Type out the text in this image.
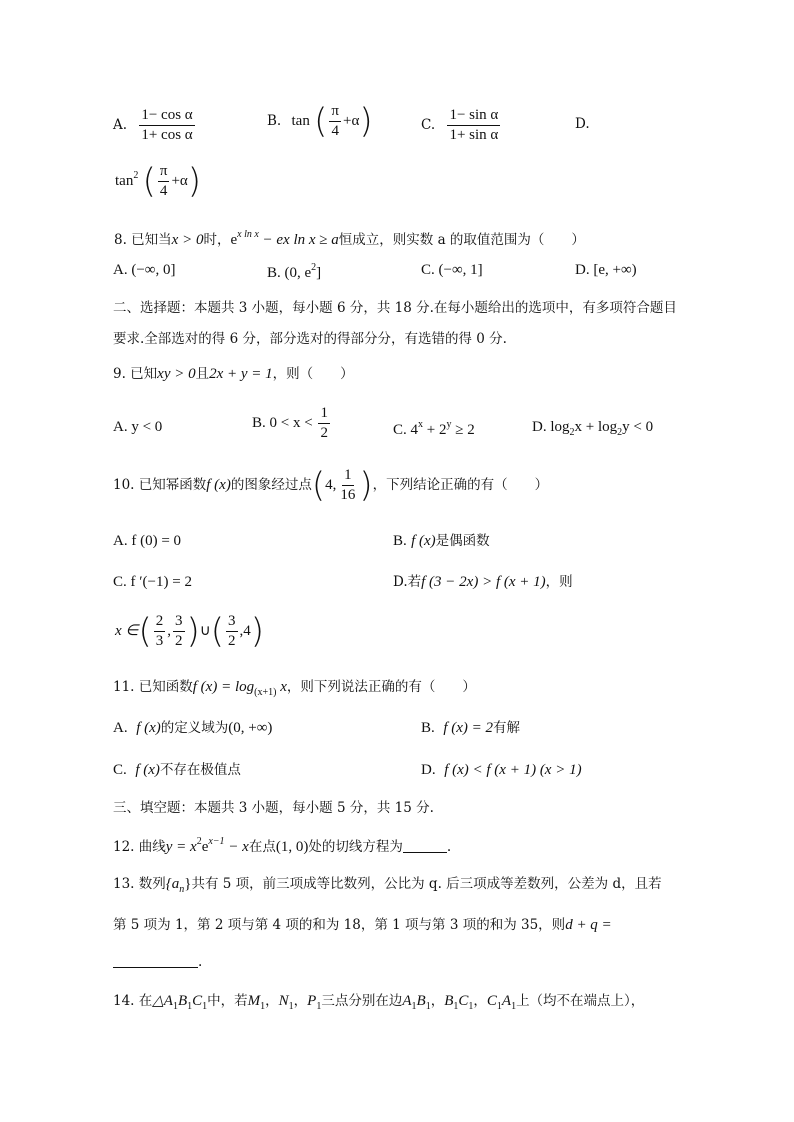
A. $\frac{\text{1− cos α}}{\text{1+ cos α}}$	B. tan ( $\frac{\pi}{4} +\alpha$)	C. $\frac{\text{1− sin α}}{\text{1+ sin α}}$	D.
$\tan^2$ ( $\frac{\pi}{4} +\alpha$)
8. 已知当x > 0时，$e^{x ln x}$ − ex ln x ≥ a恒成立，则实数 a 的取值范围为（　　）
A. (−∞, 0]	B. (0, $e^2$]	C. (−∞, 1]	D. [e, +∞)
二、选择题：本题共 3 小题，每小题 6 分，共 18 分.在每小题给出的选项中，有多项符合题目
要求.全部选对的得 6 分，部分选对的得部分分，有选错的得 0 分.
9. 已知xy > 0且2x + y = 1，则（　　）
A. y < 0	B. $0 < x < \frac{1}{2}$	C. $4^x + 2^y \ge 2$	D. $\log_2x + \log_2y < 0$
10. 已知幂函数f (x)的图象经过点(4, $\frac{1}{16}$ )，下列结论正确的有（　　）
A. f (0) = 0	B. f (x)是偶函数
C. f ′(−1) = 2	D.若f (3 − 2x) > f (x + 1)，则
x ∈( $\frac{2}{3}$ , $\frac{3}{2}$ )∪( $\frac{3}{2} ,4$)
11. 已知函数f $(x) = \log_{(x+1)} x$，则下列说法正确的有（　　）
A. f (x)的定义域为(0, +∞)	B. f (x) = 2有解
C. f (x)不存在极值点	D. f (x) < f (x + 1) (x > 1)
三、填空题：本题共 3 小题，每小题 5 分，共 15 分.
12. 曲线$y = x^2e^{x-1} - x$在点(1, 0)处的切线方程为	.
13. 数列$\{a_n\}$共有 5 项，前三项成等比数列，公比为 q. 后三项成等差数列，公差为 d，且若
第 5 项为 1，第 2 项与第 4 项的和为 18，第 1 项与第 3 项的和为 35，则d + q =
.
14. 在$\triangle A_1B_1C_1$中，若$M_1$，$N_1$，$P_1$三点分别在边$A_1B_1$，$B_1C_1$，$C_1A_1$上（均不在端点上），
